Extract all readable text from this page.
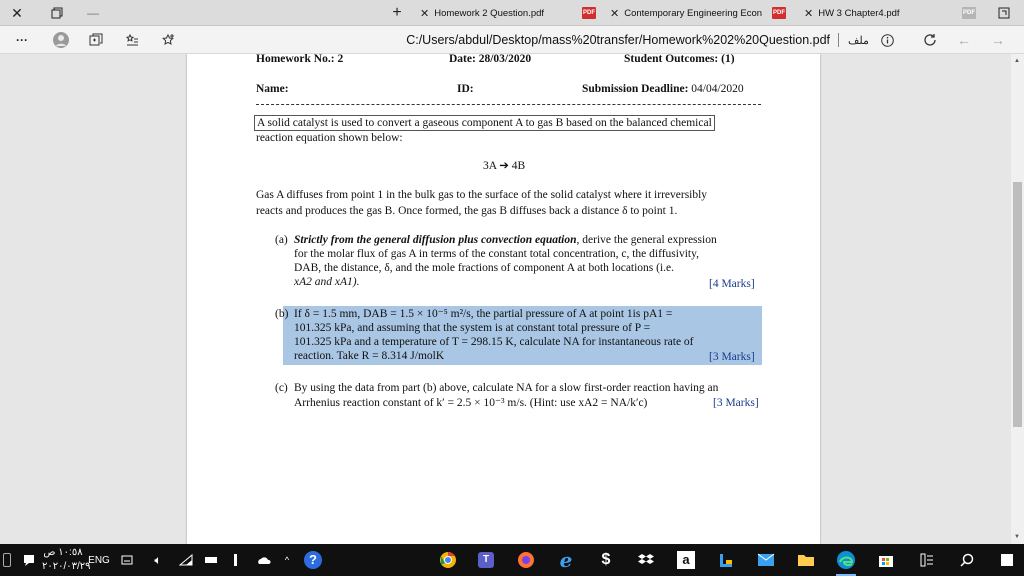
✕	—	+	✕ Homework 2 Question.pdf	PDF ✕ Contemporary Engineering Econ PDF ✕ HW 3 Chapter4.pdf	PDF
···	C:/Users/abdul/Desktop/mass%20transfer/Homework%202%20Question.pdf ملف	← →
Homework No.: 2	Date: 28/03/2020	Student Outcomes: (1)
Name:	ID:	Submission Deadline: 04/04/2020
A solid catalyst is used to convert a gaseous component A to gas B based on the balanced chemical
reaction equation shown below:
3A ➔ 4B
Gas A diffuses from point 1 in the bulk gas to the surface of the solid catalyst where it irreversibly
reacts and produces the gas B. Once formed, the gas B diffuses back a distance δ to point 1.
(a) Strictly from the general diffusion plus convection equation, derive the general expression
for the molar flux of gas A in terms of the constant total concentration, c, the diffusivity,
DAB, the distance, δ, and the mole fractions of component A at both locations (i.e.
xA2 and xA1).	[4 Marks]
(b) If δ = 1.5 mm, DAB = 1.5 × 10⁻⁵ m²/s, the partial pressure of A at point 1is pA1 =
101.325 kPa, and assuming that the system is at constant total pressure of P =
101.325 kPa and a temperature of T = 298.15 K, calculate NA for instantaneous rate of
reaction. Take R = 8.314 J/molK	[3 Marks]
(c) By using the data from part (b) above, calculate NA for a slow first-order reaction having an
Arrhenius reaction constant of k′ = 2.5 × 10⁻³ m/s. (Hint: use xA2 = NA/k′c)	[3 Marks]
▲
▼
١٠:٥٨ ص
٢٠٢٠/٠٣/٢٩
ENG	🔈︎	^	?	T	e $	a
